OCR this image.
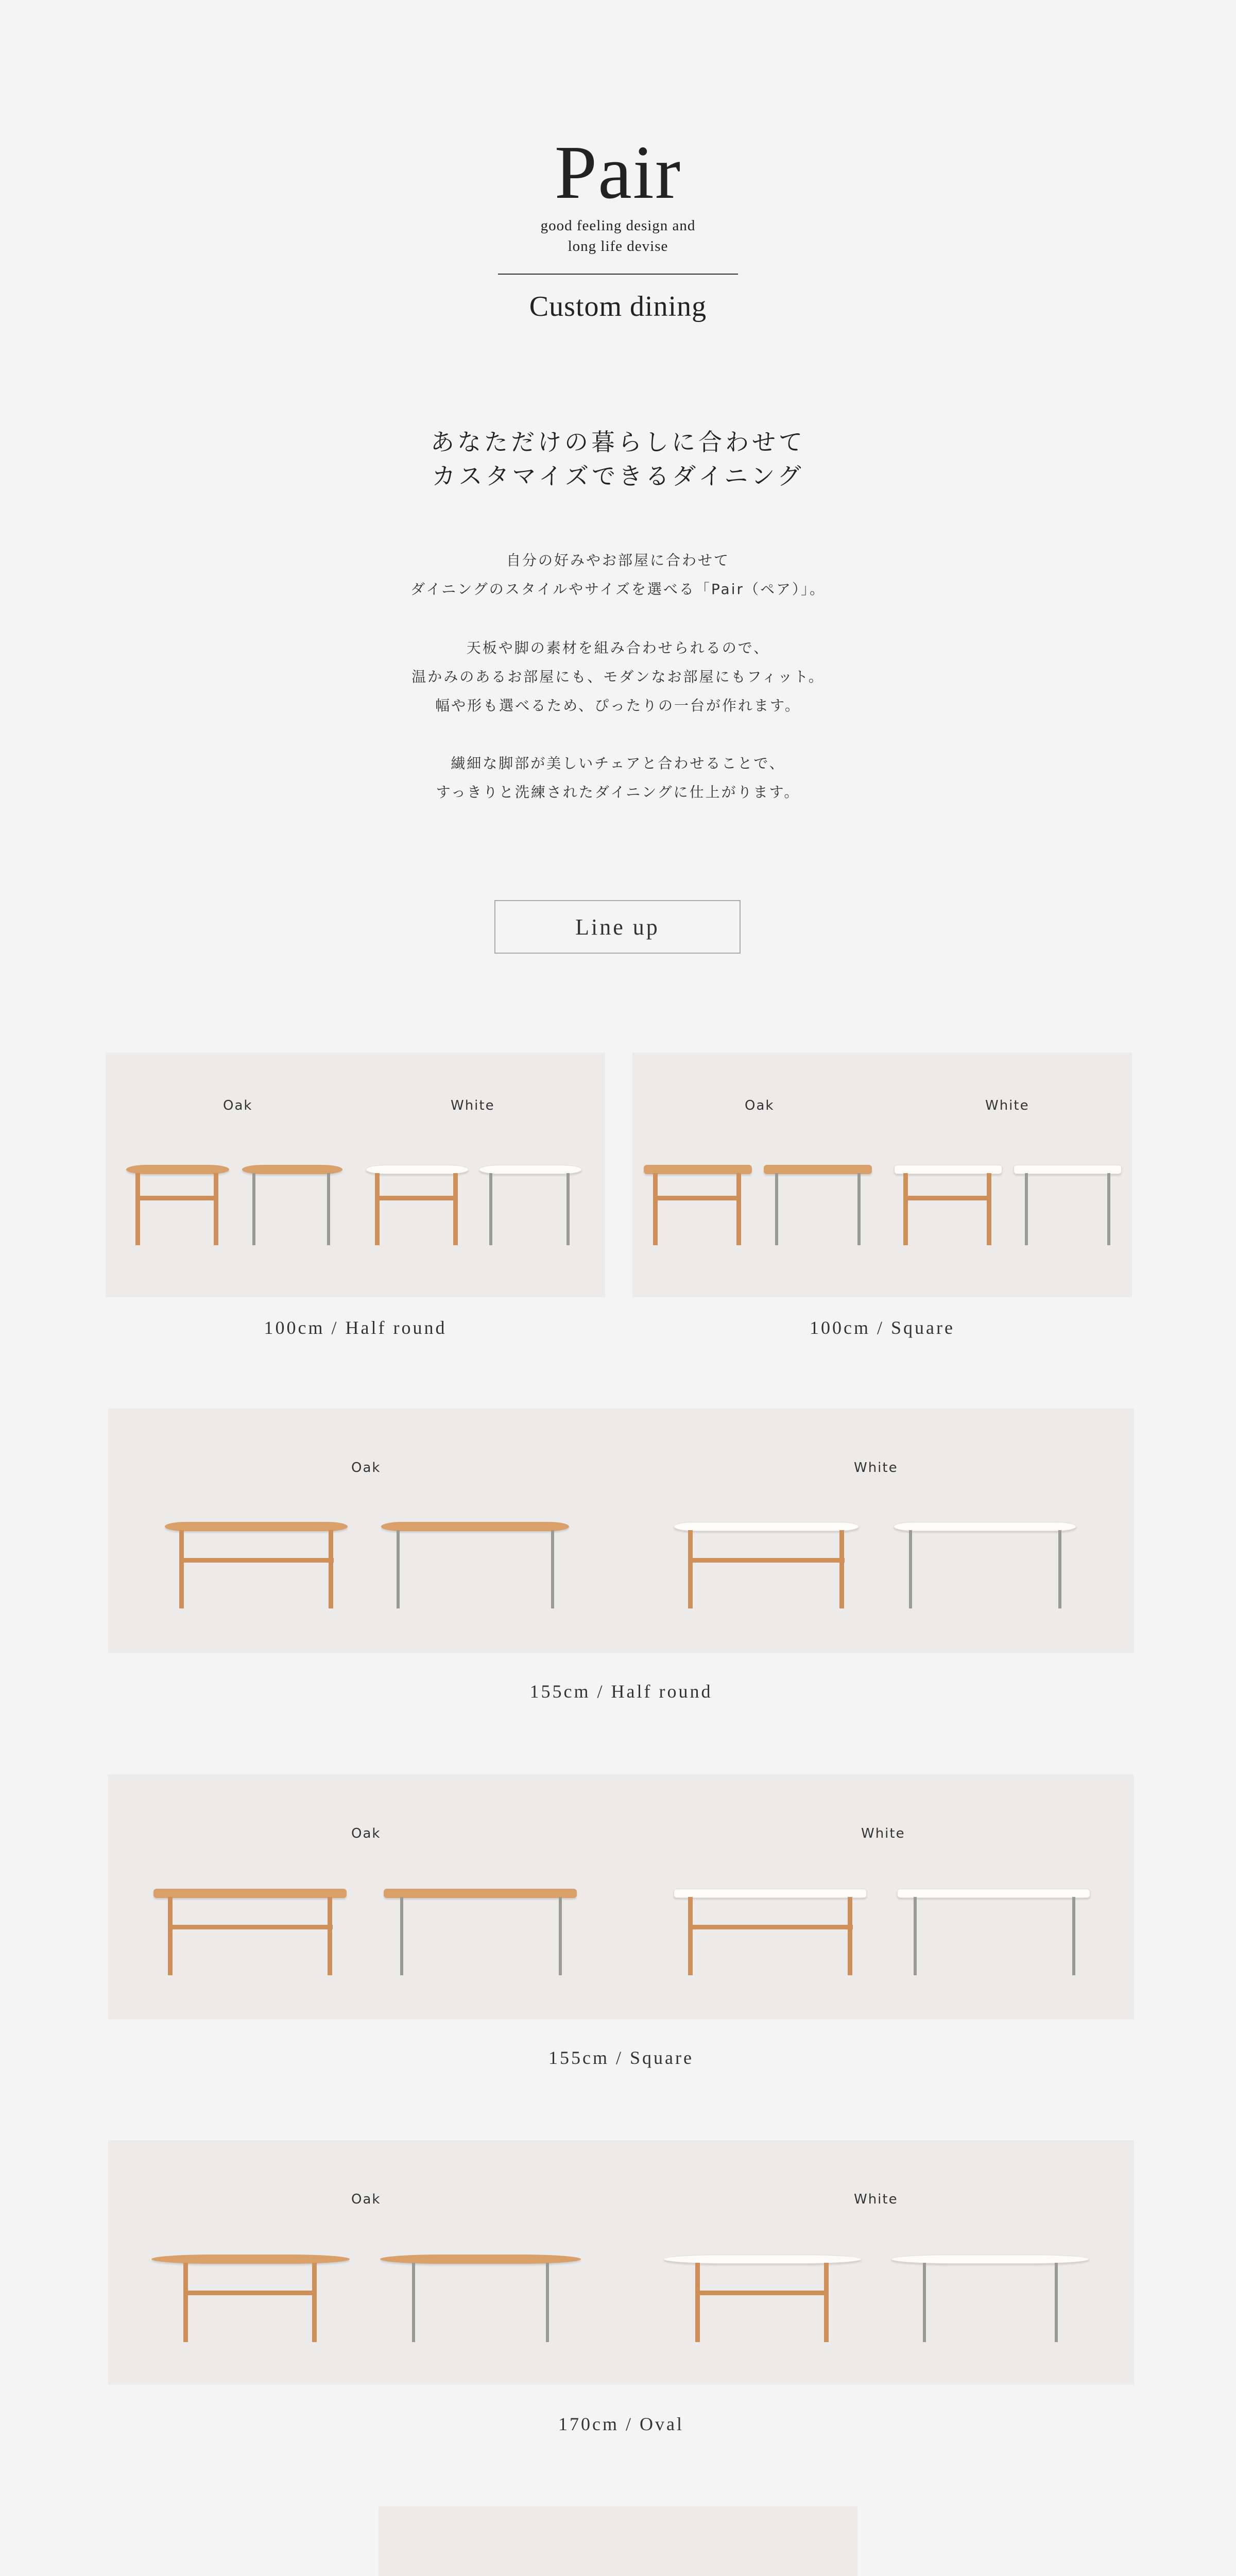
Pair
good feeling design and
long life devise
Custom dining
あなただけの暮らしに合わせて
カスタマイズできるダイニング
自分の好みやお部屋に合わせて
ダイニングのスタイルやサイズを選べる「Pair（ペア）」。
天板や脚の素材を組み合わせられるので、
温かみのあるお部屋にも、モダンなお部屋にもフィット。
幅や形も選べるため、ぴったりの一台が作れます。
繊細な脚部が美しいチェアと合わせることで、
すっきりと洗練されたダイニングに仕上がります。
Line up
Oak	White
100cm / Half round
Oak	White
100cm / Square
Oak	White
155cm / Half round
Oak	White
155cm / Square
Oak	White
170cm / Oval
